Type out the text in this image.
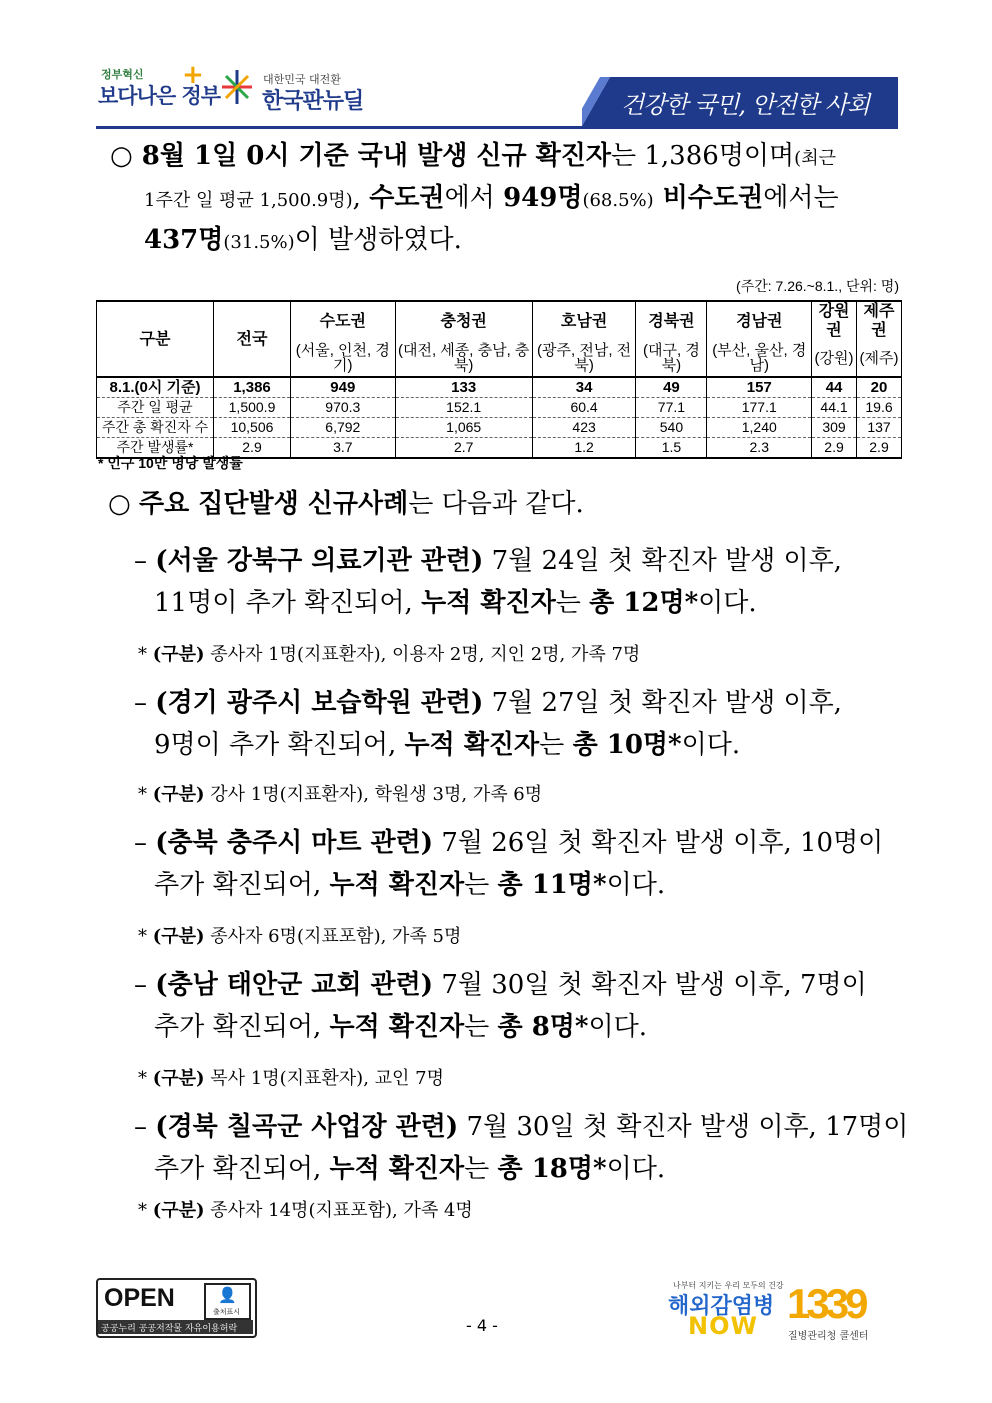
정부혁신
보다나은 정부
+	대한민국 대전환
한국판뉴딜	건강한 국민, 안전한 사회
○ 8월 1일 0시 기준 국내 발생 신규 확진자는 1,386명이며(최근
1주간 일 평균 1,500.9명), 수도권에서 949명(68.5%) 비수도권에서는
437명(31.5%)이 발생하였다.
(주간: 7.26.~8.1., 단위: 명)
구분	전국	수도권	충청권	호남권	경북권	경남권	강원권	제주권
		(서울, 인천, 경기)	(대전, 세종, 충남, 충북)	(광주, 전남, 전북)	(대구, 경북)	(부산, 울산, 경남)	(강원)	(제주)
8.1.(0시 기준)	1,386	949	133	34	49	157	44	20
주간 일 평균	1,500.9	970.3	152.1	60.4	77.1	177.1	44.1	19.6
주간 총 확진자 수	10,506	6,792	1,065	423	540	1,240	309	137
주간 발생률*	2.9	3.7	2.7	1.2	1.5	2.3	2.9	2.9
* 인구 10만 명당 발생률
○ 주요 집단발생 신규사례는 다음과 같다.
– (서울 강북구 의료기관 관련) 7월 24일 첫 확진자 발생 이후,
11명이 추가 확진되어, 누적 확진자는 총 12명*이다.
* (구분) 종사자 1명(지표환자), 이용자 2명, 지인 2명, 가족 7명
– (경기 광주시 보습학원 관련) 7월 27일 첫 확진자 발생 이후,
9명이 추가 확진되어, 누적 확진자는 총 10명*이다.
* (구분) 강사 1명(지표환자), 학원생 3명, 가족 6명
– (충북 충주시 마트 관련) 7월 26일 첫 확진자 발생 이후, 10명이
추가 확진되어, 누적 확진자는 총 11명*이다.
* (구분) 종사자 6명(지표포함), 가족 5명
– (충남 태안군 교회 관련) 7월 30일 첫 확진자 발생 이후, 7명이
추가 확진되어, 누적 확진자는 총 8명*이다.
* (구분) 목사 1명(지표환자), 교인 7명
– (경북 칠곡군 사업장 관련) 7월 30일 첫 확진자 발생 이후, 17명이
추가 확진되어, 누적 확진자는 총 18명*이다.
* (구분) 종사자 14명(지표포함), 가족 4명
OPEN	👤
출처표시
공공누리 공공저작물 자유이용허락	- 4 -
나부터 지키는 우리 모두의 건강
해외감염병
NOW 1339
질병관리청 콜센터
